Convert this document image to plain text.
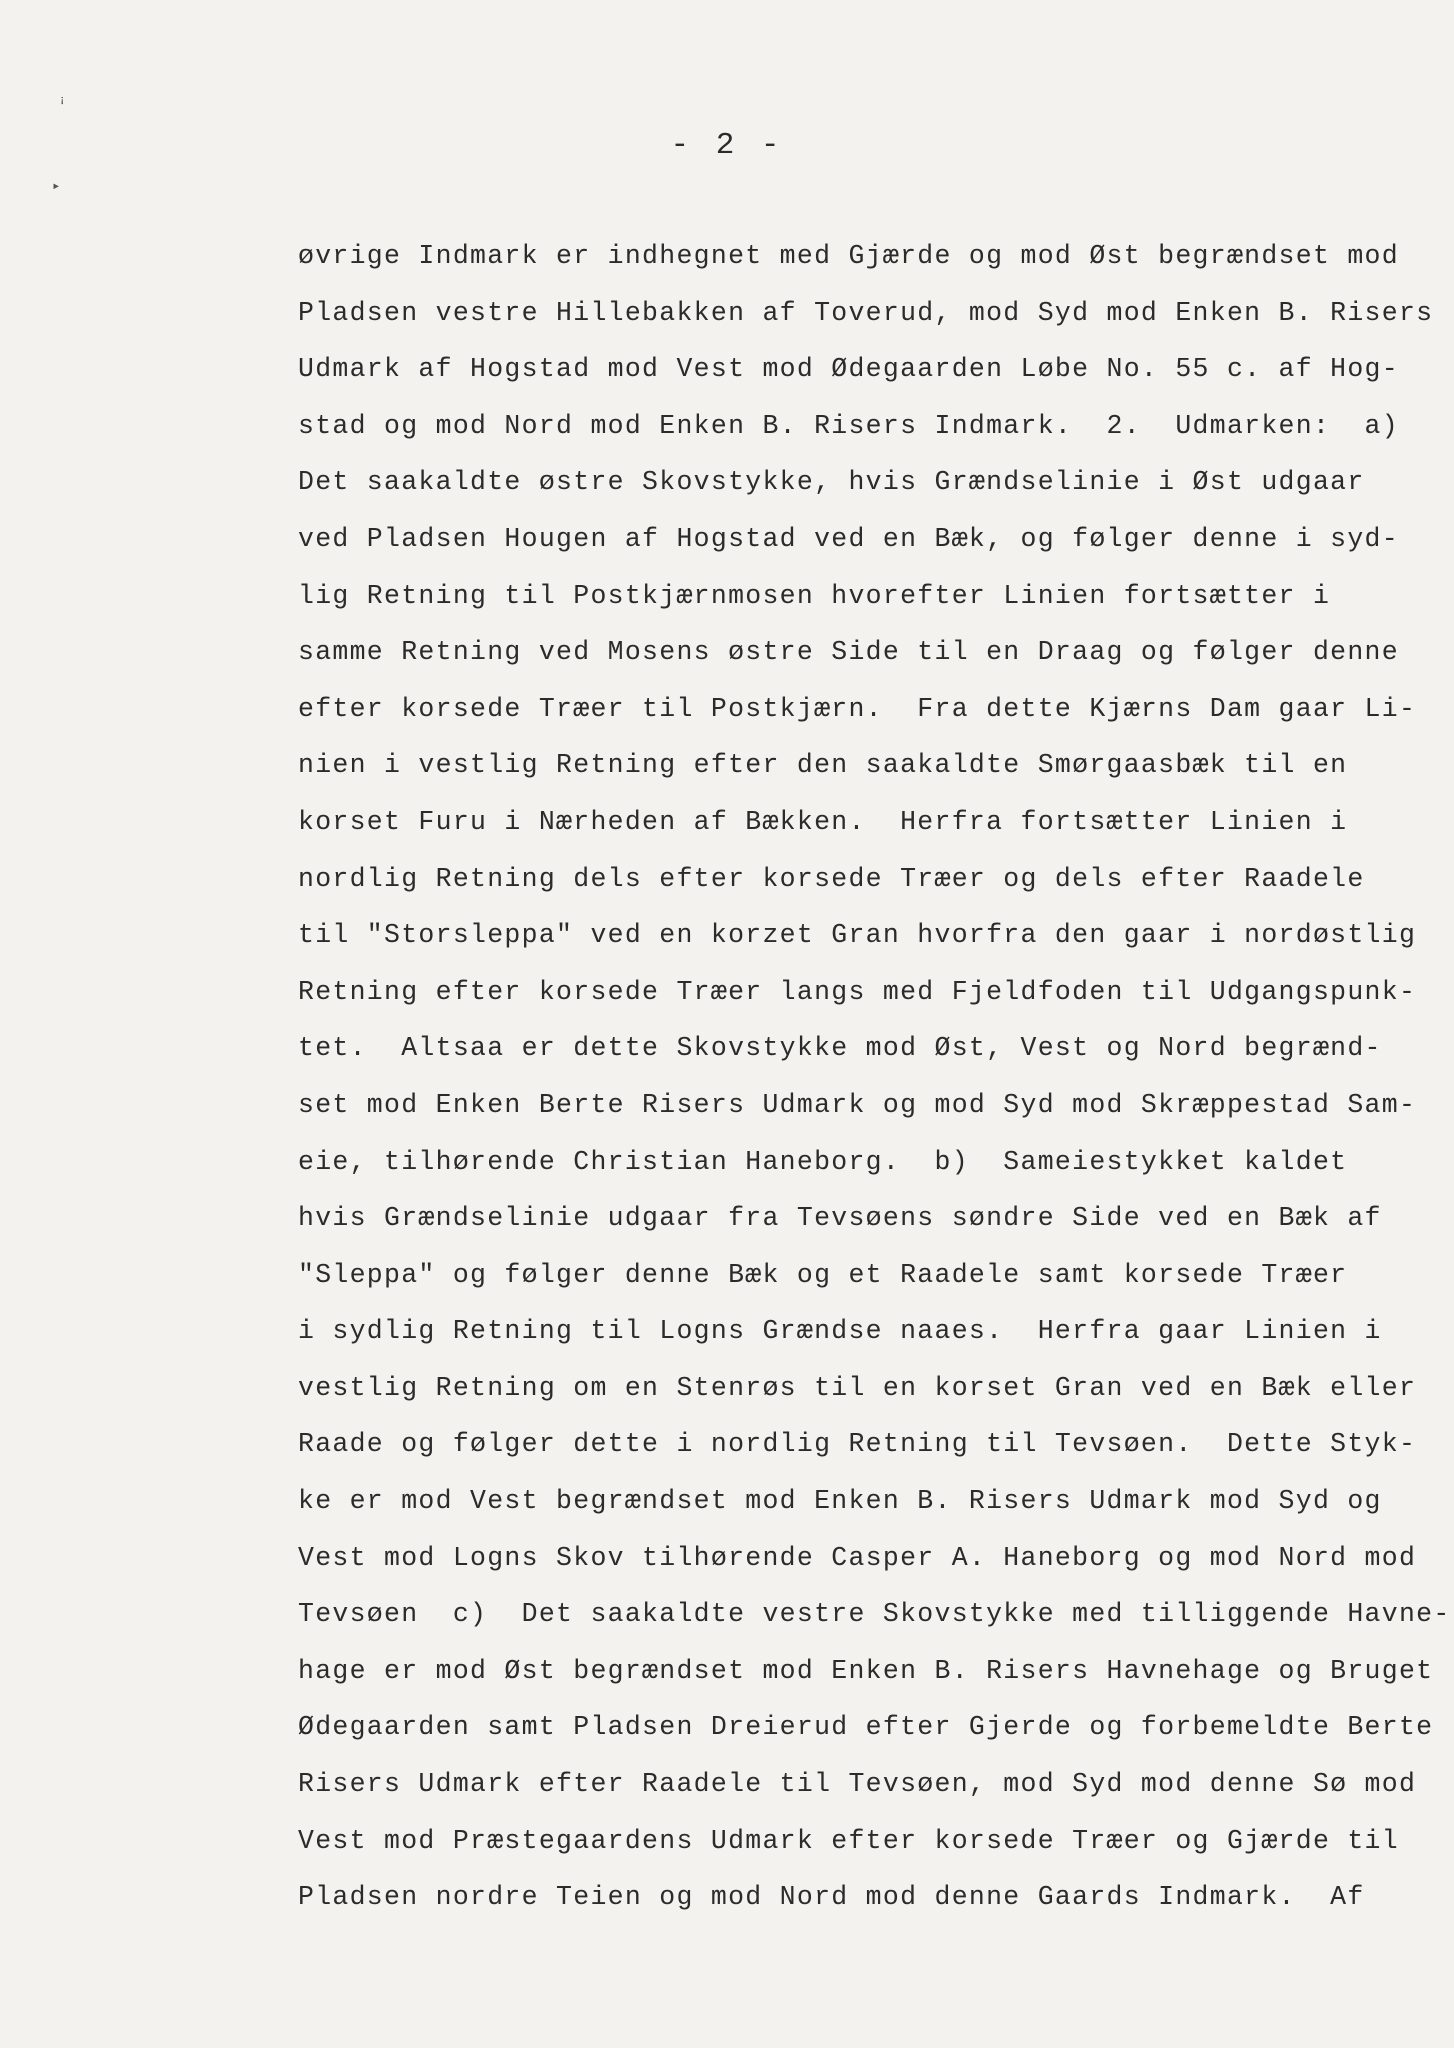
ꜟ
▸
- 2 -
øvrige Indmark er indhegnet med Gjærde og mod Øst begrændset mod
Pladsen vestre Hillebakken af Toverud, mod Syd mod Enken B. Risers
Udmark af Hogstad mod Vest mod Ødegaarden Løbe No. 55 c. af Hog-
stad og mod Nord mod Enken B. Risers Indmark.  2.  Udmarken:  a)
Det saakaldte østre Skovstykke, hvis Grændselinie i Øst udgaar
ved Pladsen Hougen af Hogstad ved en Bæk, og følger denne i syd-
lig Retning til Postkjærnmosen hvorefter Linien fortsætter i
samme Retning ved Mosens østre Side til en Draag og følger denne
efter korsede Træer til Postkjærn.  Fra dette Kjærns Dam gaar Li-
nien i vestlig Retning efter den saakaldte Smørgaasbæk til en
korset Furu i Nærheden af Bækken.  Herfra fortsætter Linien i
nordlig Retning dels efter korsede Træer og dels efter Raadele
til "Storsleppa" ved en korzet Gran hvorfra den gaar i nordøstlig
Retning efter korsede Træer langs med Fjeldfoden til Udgangspunk-
tet.  Altsaa er dette Skovstykke mod Øst, Vest og Nord begrænd-
set mod Enken Berte Risers Udmark og mod Syd mod Skræppestad Sam-
eie, tilhørende Christian Haneborg.  b)  Sameiestykket kaldet
hvis Grændselinie udgaar fra Tevsøens søndre Side ved en Bæk af
"Sleppa" og følger denne Bæk og et Raadele samt korsede Træer
i sydlig Retning til Logns Grændse naaes.  Herfra gaar Linien i
vestlig Retning om en Stenrøs til en korset Gran ved en Bæk eller
Raade og følger dette i nordlig Retning til Tevsøen.  Dette Styk-
ke er mod Vest begrændset mod Enken B. Risers Udmark mod Syd og
Vest mod Logns Skov tilhørende Casper A. Haneborg og mod Nord mod
Tevsøen  c)  Det saakaldte vestre Skovstykke med tilliggende Havne-
hage er mod Øst begrændset mod Enken B. Risers Havnehage og Bruget
Ødegaarden samt Pladsen Dreierud efter Gjerde og forbemeldte Berte
Risers Udmark efter Raadele til Tevsøen, mod Syd mod denne Sø mod
Vest mod Præstegaardens Udmark efter korsede Træer og Gjærde til
Pladsen nordre Teien og mod Nord mod denne Gaards Indmark.  Af
